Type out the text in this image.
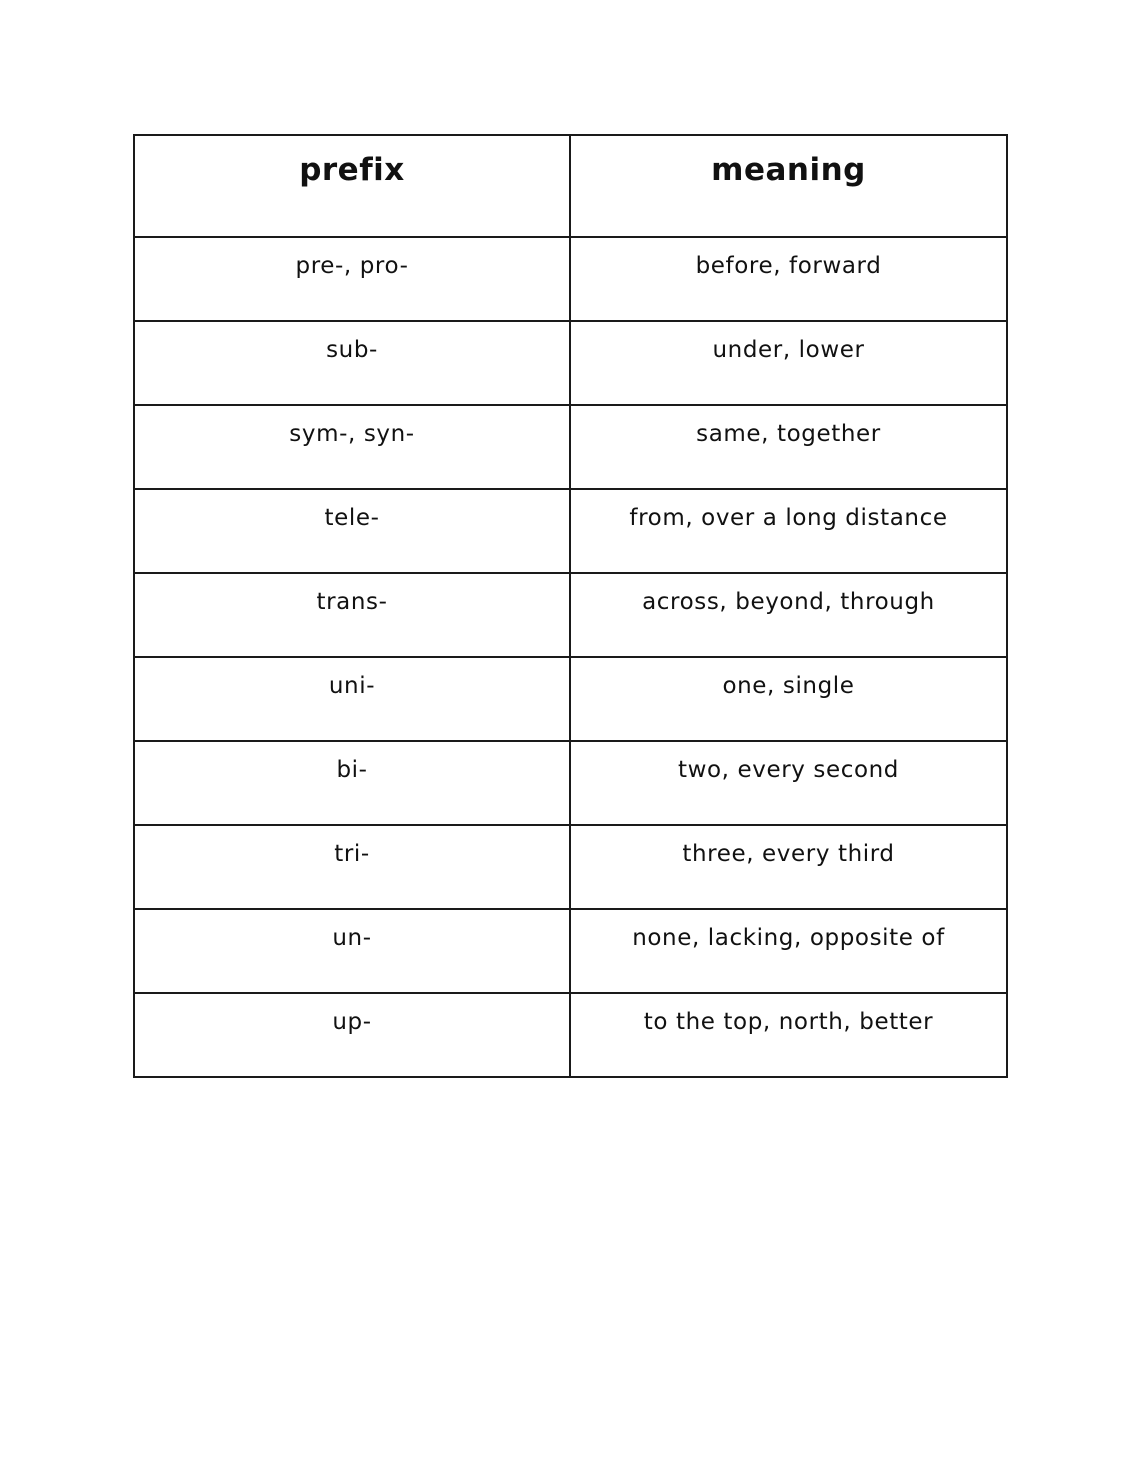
prefix	meaning
pre-, pro-	before, forward
sub-	under, lower
sym-, syn-	same, together
tele-	from, over a long distance
trans-	across, beyond, through
uni-	one, single
bi-	two, every second
tri-	three, every third
un-	none, lacking, opposite of
up-	to the top, north, better
